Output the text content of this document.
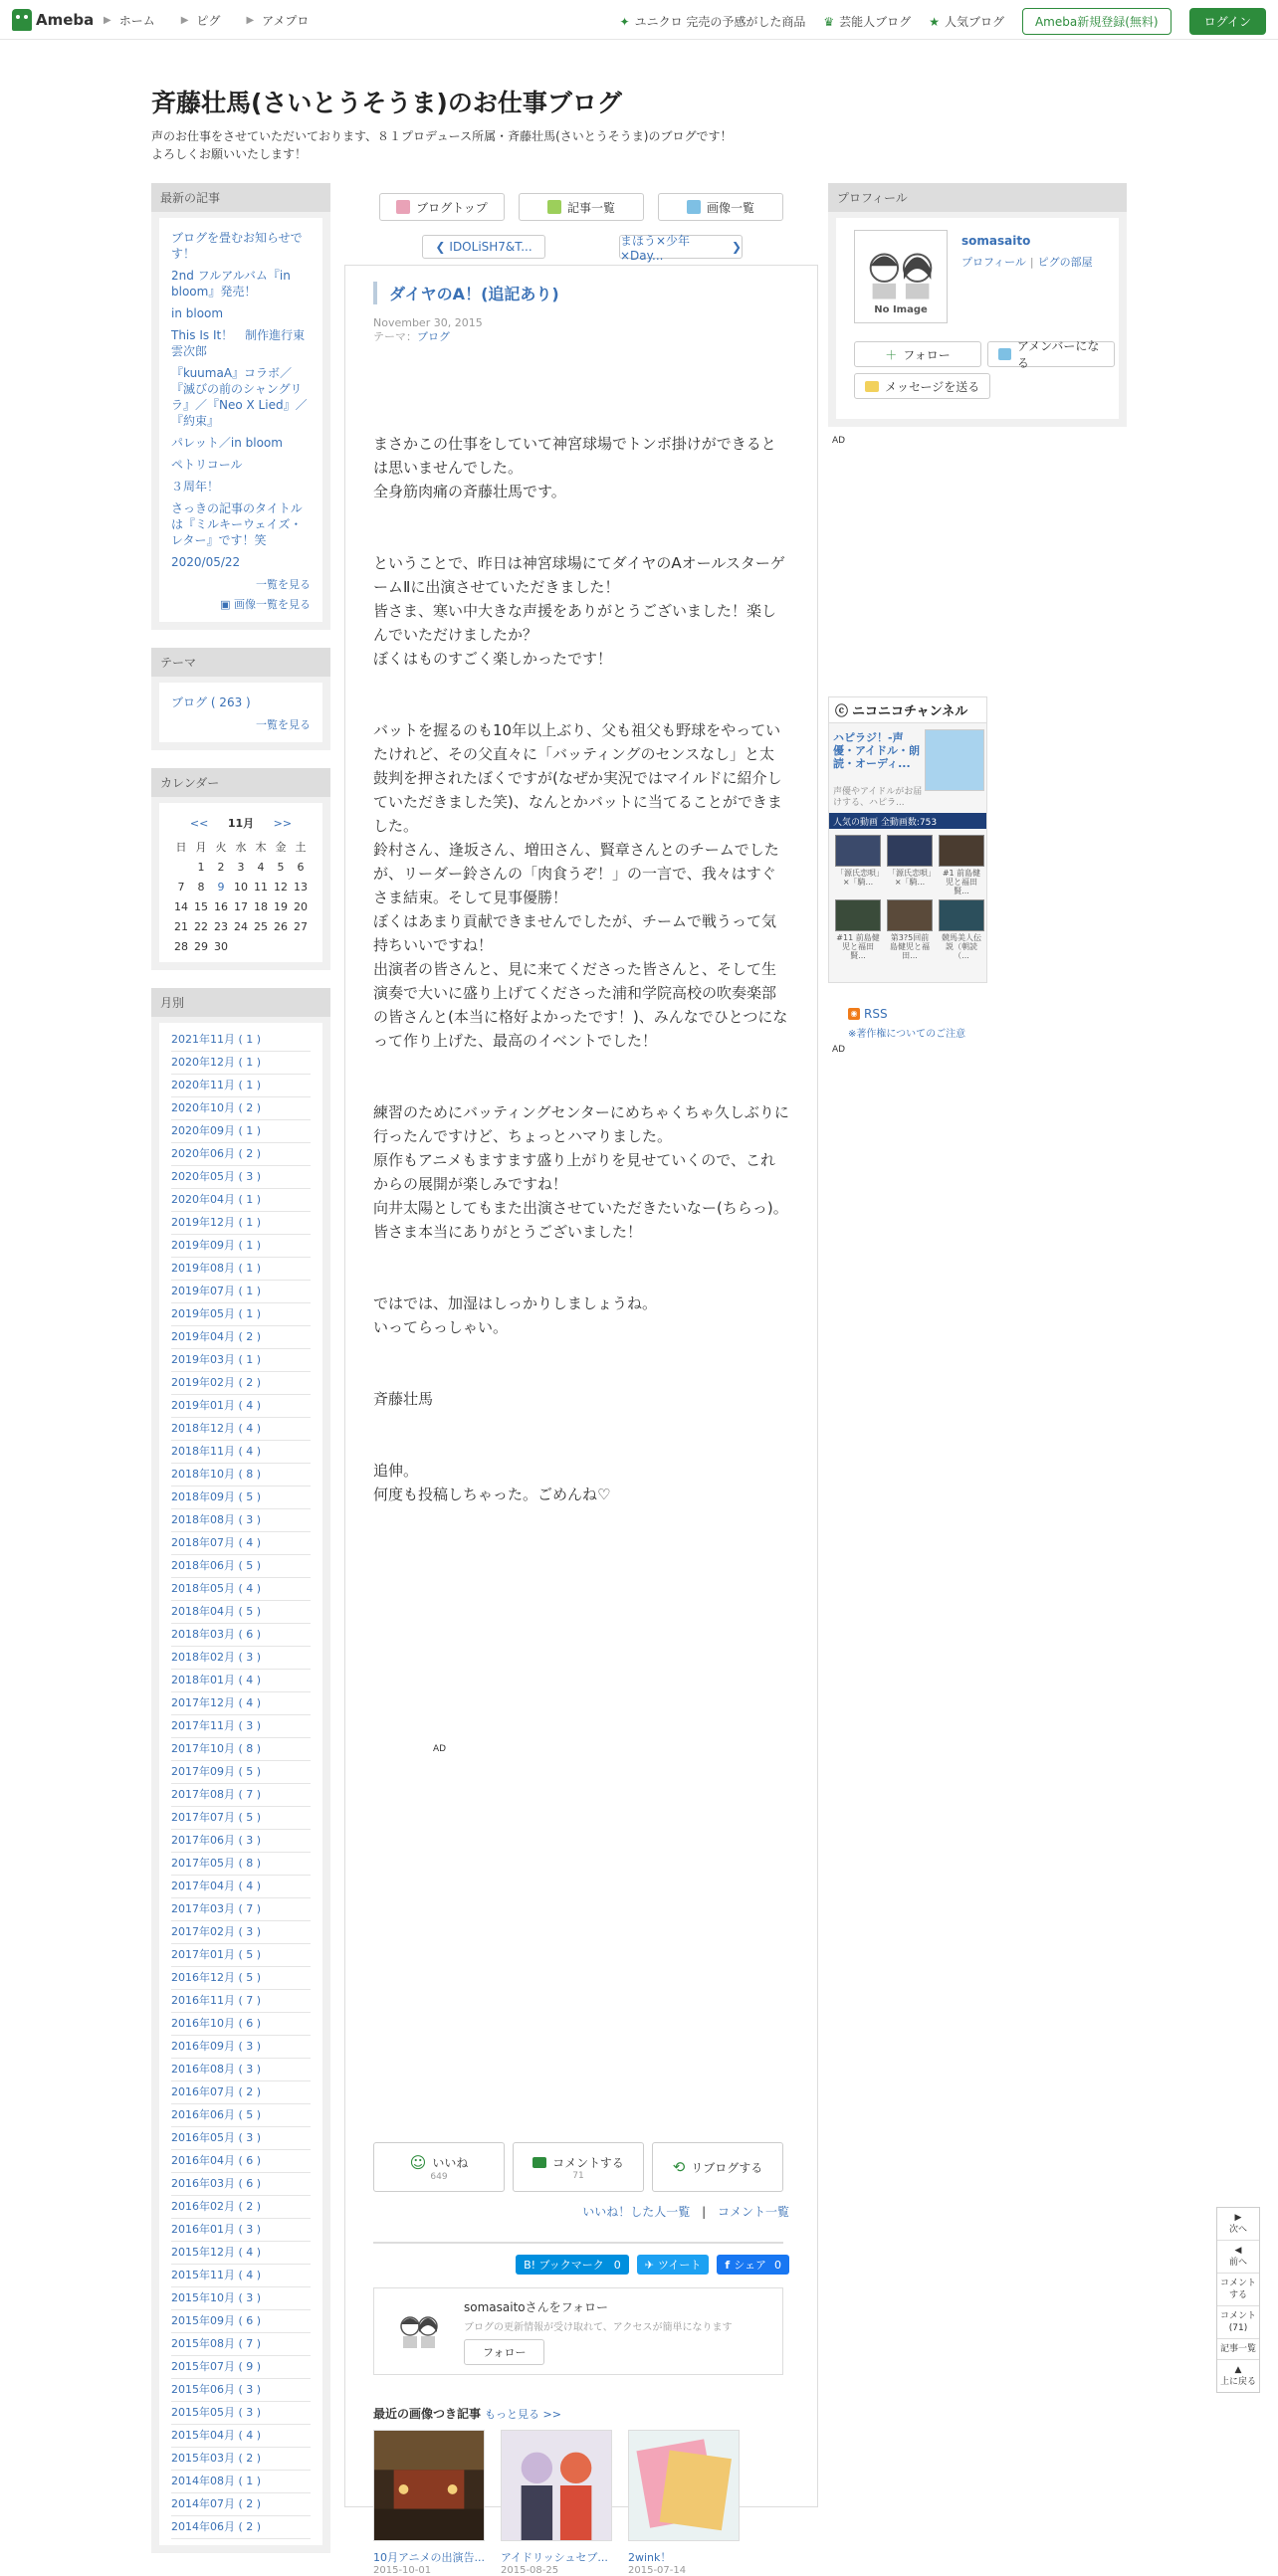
Ameba ▶ ホーム	▶ ピグ	▶ アメプロ	✦ ユニクロ 完売の予感がした商品 ♛ 芸能人ブログ ★ 人気ブログ	Ameba新規登録(無料)	ログイン
斉藤壮馬(さいとうそうま)のお仕事ブログ
声のお仕事をさせていただいております、８１プロデュース所属・斉藤壮馬(さいとうそうま)のブログです！
よろしくお願いいたします！
最新の記事
ブログを畳むお知らせです！
2nd フルアルバム『in bloom』発売！
in bloom
This Is It！　制作進行東雲次郎
『kuumaA』コラボ／『滅びの前のシャングリラ』／『Neo X Lied』／『約束』
パレット／in bloom
ペトリコール
３周年！
さっきの記事のタイトルは『ミルキーウェイズ・レター』です！笑
2020/05/22
一覧を見る
▣ 画像一覧を見る
テーマ
ブログ ( 263 )
一覧を見る
カレンダー
<< 11月 >>
日	月	火	水	木	金	土
	1	2	3	4	5	6
7	8	9	10	11	12	13
14	15	16	17	18	19	20
21	22	23	24	25	26	27
28	29	30				
月別
2021年11月 ( 1 )
2020年12月 ( 1 )
2020年11月 ( 1 )
2020年10月 ( 2 )
2020年09月 ( 1 )
2020年06月 ( 2 )
2020年05月 ( 3 )
2020年04月 ( 1 )
2019年12月 ( 1 )
2019年09月 ( 1 )
2019年08月 ( 1 )
2019年07月 ( 1 )
2019年05月 ( 1 )
2019年04月 ( 2 )
2019年03月 ( 1 )
2019年02月 ( 2 )
2019年01月 ( 4 )
2018年12月 ( 4 )
2018年11月 ( 4 )
2018年10月 ( 8 )
2018年09月 ( 5 )
2018年08月 ( 3 )
2018年07月 ( 4 )
2018年06月 ( 5 )
2018年05月 ( 4 )
2018年04月 ( 5 )
2018年03月 ( 6 )
2018年02月 ( 3 )
2018年01月 ( 4 )
2017年12月 ( 4 )
2017年11月 ( 3 )
2017年10月 ( 8 )
2017年09月 ( 5 )
2017年08月 ( 7 )
2017年07月 ( 5 )
2017年06月 ( 3 )
2017年05月 ( 8 )
2017年04月 ( 4 )
2017年03月 ( 7 )
2017年02月 ( 3 )
2017年01月 ( 5 )
2016年12月 ( 5 )
2016年11月 ( 7 )
2016年10月 ( 6 )
2016年09月 ( 3 )
2016年08月 ( 3 )
2016年07月 ( 2 )
2016年06月 ( 5 )
2016年05月 ( 3 )
2016年04月 ( 6 )
2016年03月 ( 6 )
2016年02月 ( 2 )
2016年01月 ( 3 )
2015年12月 ( 4 )
2015年11月 ( 4 )
2015年10月 ( 3 )
2015年09月 ( 6 )
2015年08月 ( 7 )
2015年07月 ( 9 )
2015年06月 ( 3 )
2015年05月 ( 3 )
2015年04月 ( 4 )
2015年03月 ( 2 )
2014年08月 ( 1 )
2014年07月 ( 2 )
2014年06月 ( 2 )
ブログトップ	記事一覧	画像一覧
❮ IDOLiSH7&T...	まほう×少年×Day...
❯
ダイヤのA！(追記あり)
November 30, 2015
テーマ：ブログ

まさかこの仕事をしていて神宮球場でトンボ掛けができるとは思いませんでした。

全身筋肉痛の斉藤壮馬です。

ということで、昨日は神宮球場にてダイヤのAオールスターゲームⅡに出演させていただきました！

皆さま、寒い中大きな声援をありがとうございました！楽しんでいただけましたか？

ぼくはものすごく楽しかったです！

バットを握るのも10年以上ぶり、父も祖父も野球をやっていたけれど、その父直々に「バッティングのセンスなし」と太鼓判を押されたぼくですが(なぜか実況ではマイルドに紹介していただきました笑)、なんとかバットに当てることができました。

鈴村さん、逢坂さん、増田さん、賢章さんとのチームでしたが、リーダー鈴さんの「肉食うぞ！」の一言で、我々はすぐさま結束。そして見事優勝！

ぼくはあまり貢献できませんでしたが、チームで戦うって気持ちいいですね！

出演者の皆さんと、見に来てくださった皆さんと、そして生演奏で大いに盛り上げてくださった浦和学院高校の吹奏楽部の皆さんと(本当に格好よかったです！)、みんなでひとつになって作り上げた、最高のイベントでした！

練習のためにバッティングセンターにめちゃくちゃ久しぶりに行ったんですけど、ちょっとハマりました。

原作もアニメもますます盛り上がりを見せていくので、これからの展開が楽しみですね！

向井太陽としてもまた出演させていただきたいなー(ちらっ)。

皆さま本当にありがとうございました！

ではでは、加湿はしっかりしましょうね。

いってらっしゃい。

斉藤壮馬

追伸。

何度も投稿しちゃった。ごめんね♡

AD
☺ いいね
649
コメントする
71	⟲ リブログする
いいね！した人一覧 | コメント一覧
B! ブックマーク 0 ✈ ツイート f シェア 0
somasaitoさんをフォロー
ブログの更新情報が受け取れて、アクセスが簡単になります
フォロー
最近の画像つき記事 もっと見る >>
10月アニメの出演告...
2015-10-01
アイドリッシュセブ...
2015-08-25
2wink！
2015-07-14
プロフィール
No Image
somasaito
プロフィール | ピグの部屋
＋ フォロー
アメンバーになる
メッセージを送る
AD
ⓒ ニコニコチャンネル
ハピラジ！-声優・アイドル・朗読・オーディ...
声優やアイドルがお届けする、ハピラ...
人気の動画 全動画数:753
「源氏恋唄」×「騎...
「源氏恋唄」×「騎...
#1 前島健児と福田賢...
#11 前島健児と福田賢...
第3?5回前島健児と福田...
競馬美人伝説（朝読（...
◉ RSS
※著作権についてのご注意
AD
▶
次へ
◀
前へ
コメントする
コメント(71)
記事一覧
▲
上に戻る
